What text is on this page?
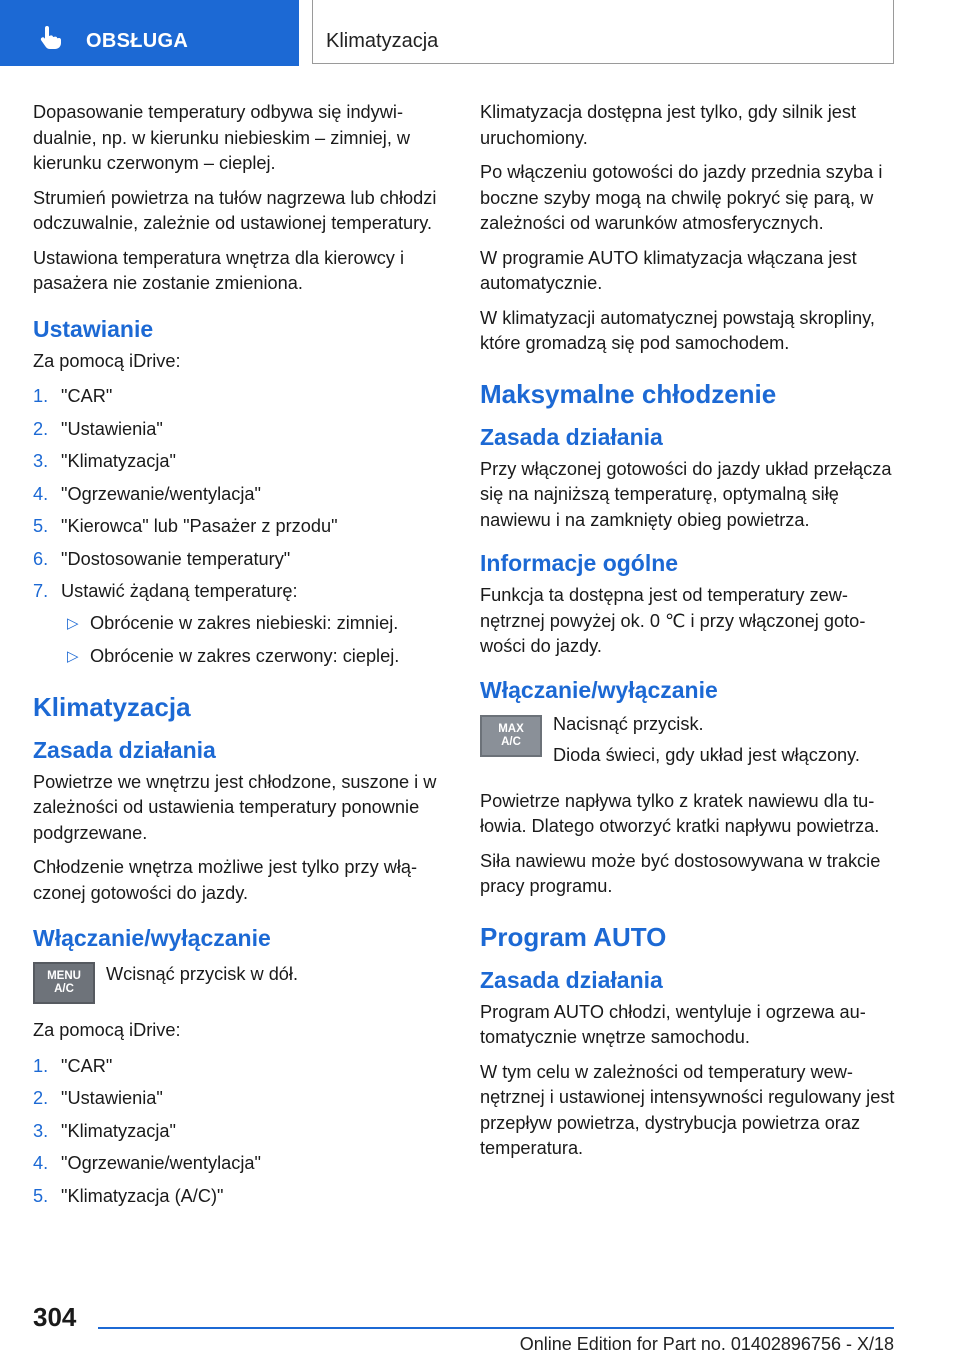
OBSŁUGA	Klimatyzacja

Dopasowanie temperatury odbywa się indywidualnie, np. w kierunku niebieskim – zimniej, w kierunku czerwonym – cieplej.

Strumień powietrza na tułów nagrzewa lub chłodzi odczuwalnie, zależnie od ustawionej temperatury.

Ustawiona temperatura wnętrza dla kierowcy i pasażera nie zostanie zmieniona.

Ustawianie

Za pomocą iDrive:

1. "CAR"
2. "Ustawienia"
3. "Klimatyzacja"
4. "Ogrzewanie/wentylacja"
5. "Kierowca" lub "Pasażer z przodu"
6. "Dostosowanie temperatury"
7. Ustawić żądaną temperaturę:
▷ Obrócenie w zakres niebieski: zimniej.
▷ Obrócenie w zakres czerwony: cieplej.
Klimatyzacja
Zasada działania

Powietrze we wnętrzu jest chłodzone, suszone i w zależności od ustawienia temperatury ponownie podgrzewane.

Chłodzenie wnętrza możliwe jest tylko przy włączonej gotowości do jazdy.

Włączanie/wyłączanie
MENU
A/C

Wcisnąć przycisk w dół.

Za pomocą iDrive:

1. "CAR"
2. "Ustawienia"
3. "Klimatyzacja"
4. "Ogrzewanie/wentylacja"
5. "Klimatyzacja (A/C)"

Klimatyzacja dostępna jest tylko, gdy silnik jest uruchomiony.

Po włączeniu gotowości do jazdy przednia szyba i boczne szyby mogą na chwilę pokryć się parą, w zależności od warunków atmosferycznych.

W programie AUTO klimatyzacja włączana jest automatycznie.

W klimatyzacji automatycznej powstają skropliny, które gromadzą się pod samochodem.

Maksymalne chłodzenie
Zasada działania

Przy włączonej gotowości do jazdy układ przełącza się na najniższą temperaturę, optymalną siłę nawiewu i na zamknięty obieg powietrza.

Informacje ogólne

Funkcja ta dostępna jest od temperatury zewnętrznej powyżej ok. 0 ℃ i przy włączonej gotowości do jazdy.

Włączanie/wyłączanie
MAX
A/C

Nacisnąć przycisk.

Dioda świeci, gdy układ jest włączony.

Powietrze napływa tylko z kratek nawiewu dla tułowia. Dlatego otworzyć kratki napływu powietrza.

Siła nawiewu może być dostosowywana w trakcie pracy programu.

Program AUTO
Zasada działania

Program AUTO chłodzi, wentyluje i ogrzewa automatycznie wnętrze samochodu.

W tym celu w zależności od temperatury wewnętrznej i ustawionej intensywności regulowany jest przepływ powietrza, dystrybucja powietrza oraz temperatura.

304
Online Edition for Part no. 01402896756 - X/18
